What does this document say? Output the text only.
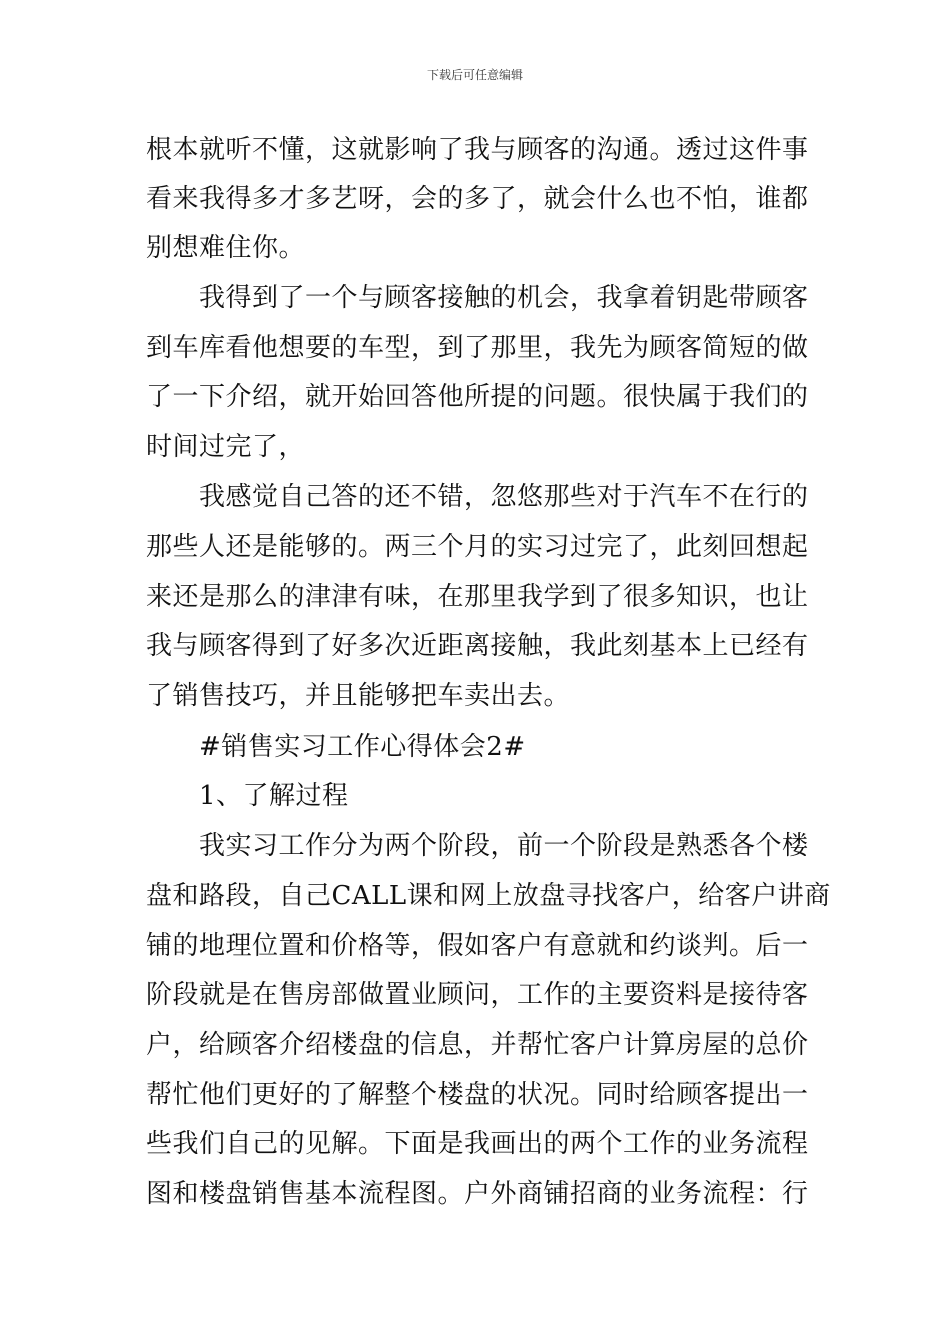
下载后可任意编辑
根本就听不懂，这就影响了我与顾客的沟通。透过这件事
看来我得多才多艺呀，会的多了，就会什么也不怕，谁都
别想难住你。
　　我得到了一个与顾客接触的机会，我拿着钥匙带顾客
到车库看他想要的车型，到了那里，我先为顾客简短的做
了一下介绍，就开始回答他所提的问题。很快属于我们的
时间过完了，
　　我感觉自己答的还不错，忽悠那些对于汽车不在行的
那些人还是能够的。两三个月的实习过完了，此刻回想起
来还是那么的津津有味，在那里我学到了很多知识，也让
我与顾客得到了好多次近距离接触，我此刻基本上已经有
了销售技巧，并且能够把车卖出去。
　　#销售实习工作心得体会2#
　　1、了解过程
　　我实习工作分为两个阶段，前一个阶段是熟悉各个楼
盘和路段，自己CALL课和网上放盘寻找客户，给客户讲商
铺的地理位置和价格等，假如客户有意就和约谈判。后一
阶段就是在售房部做置业顾问，工作的主要资料是接待客
户，给顾客介绍楼盘的信息，并帮忙客户计算房屋的总价
帮忙他们更好的了解整个楼盘的状况。同时给顾客提出一
些我们自己的见解。下面是我画出的两个工作的业务流程
图和楼盘销售基本流程图。户外商铺招商的业务流程：行
